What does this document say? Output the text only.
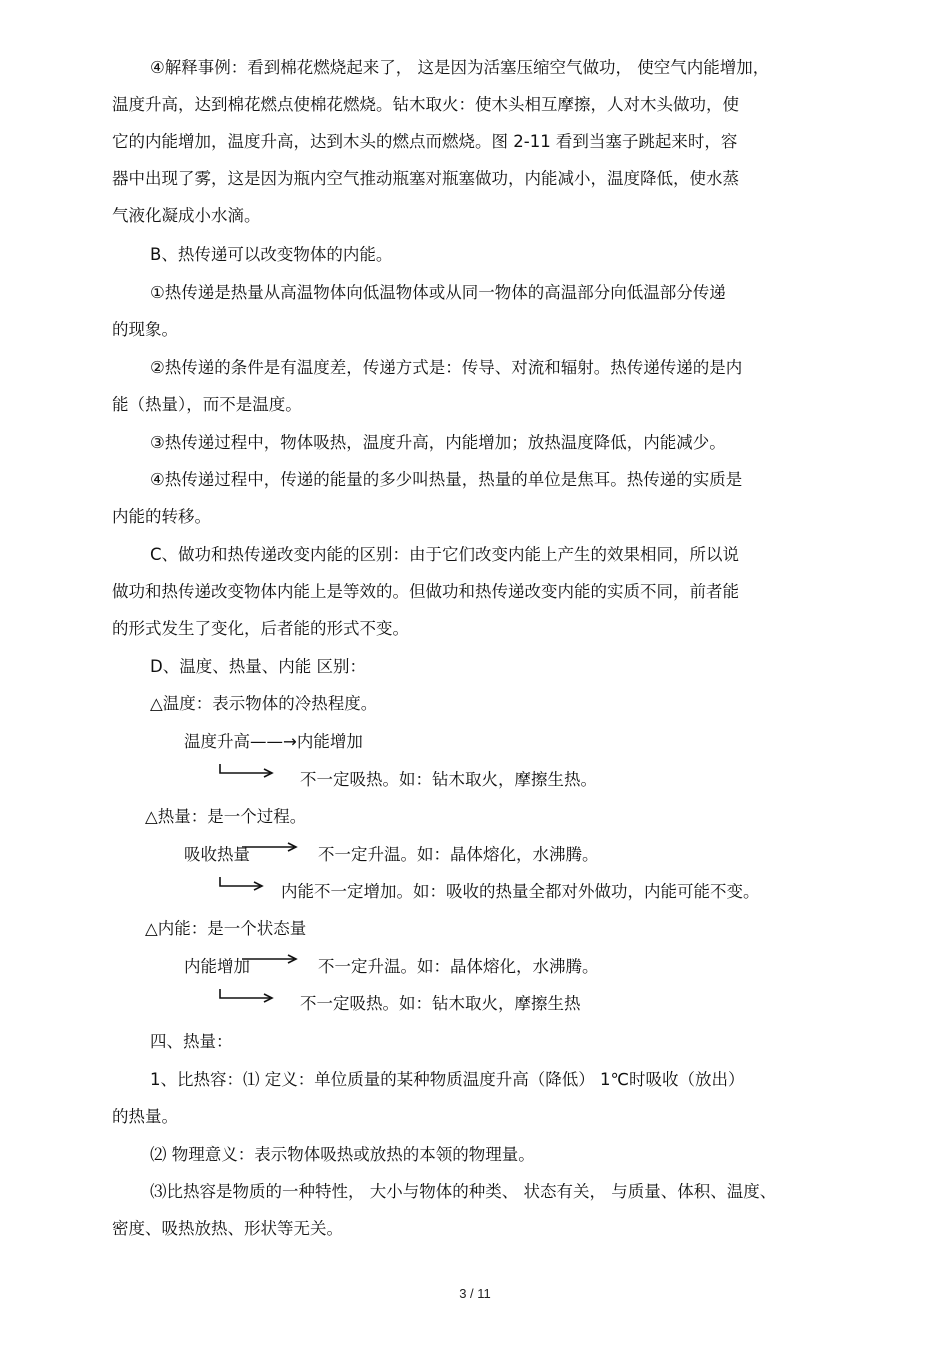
④解释事例：看到棉花燃烧起来了， 这是因为活塞压缩空气做功， 使空气内能增加，
温度升高，达到棉花燃点使棉花燃烧。钻木取火：使木头相互摩擦，人对木头做功，使
它的内能增加，温度升高，达到木头的燃点而燃烧。图 2-11 看到当塞子跳起来时，容
器中出现了雾，这是因为瓶内空气推动瓶塞对瓶塞做功，内能减小，温度降低，使水蒸
气液化凝成小水滴。
B、热传递可以改变物体的内能。
①热传递是热量从高温物体向低温物体或从同一物体的高温部分向低温部分传递
的现象。
②热传递的条件是有温度差，传递方式是：传导、对流和辐射。热传递传递的是内
能（热量），而不是温度。
③热传递过程中，物体吸热，温度升高，内能增加；放热温度降低，内能减少。
④热传递过程中，传递的能量的多少叫热量，热量的单位是焦耳。热传递的实质是
内能的转移。
C、做功和热传递改变内能的区别：由于它们改变内能上产生的效果相同，所以说
做功和热传递改变物体内能上是等效的。但做功和热传递改变内能的实质不同，前者能
的形式发生了变化，后者能的形式不变。
D、温度、热量、内能 区别：
△温度：表示物体的冷热程度。
温度升高——→内能增加
不一定吸热。如：钻木取火，摩擦生热。
△热量：是一个过程。
吸收热量	不一定升温。如：晶体熔化，水沸腾。
内能不一定增加。如：吸收的热量全都对外做功，内能可能不变。
△内能：是一个状态量
内能增加	不一定升温。如：晶体熔化，水沸腾。
不一定吸热。如：钻木取火，摩擦生热
四、热量：
1、比热容：⑴ 定义：单位质量的某种物质温度升高（降低） 1℃时吸收（放出）
的热量。
⑵ 物理意义：表示物体吸热或放热的本领的物理量。
⑶比热容是物质的一种特性， 大小与物体的种类、 状态有关， 与质量、体积、温度、
密度、吸热放热、形状等无关。
3 / 11
